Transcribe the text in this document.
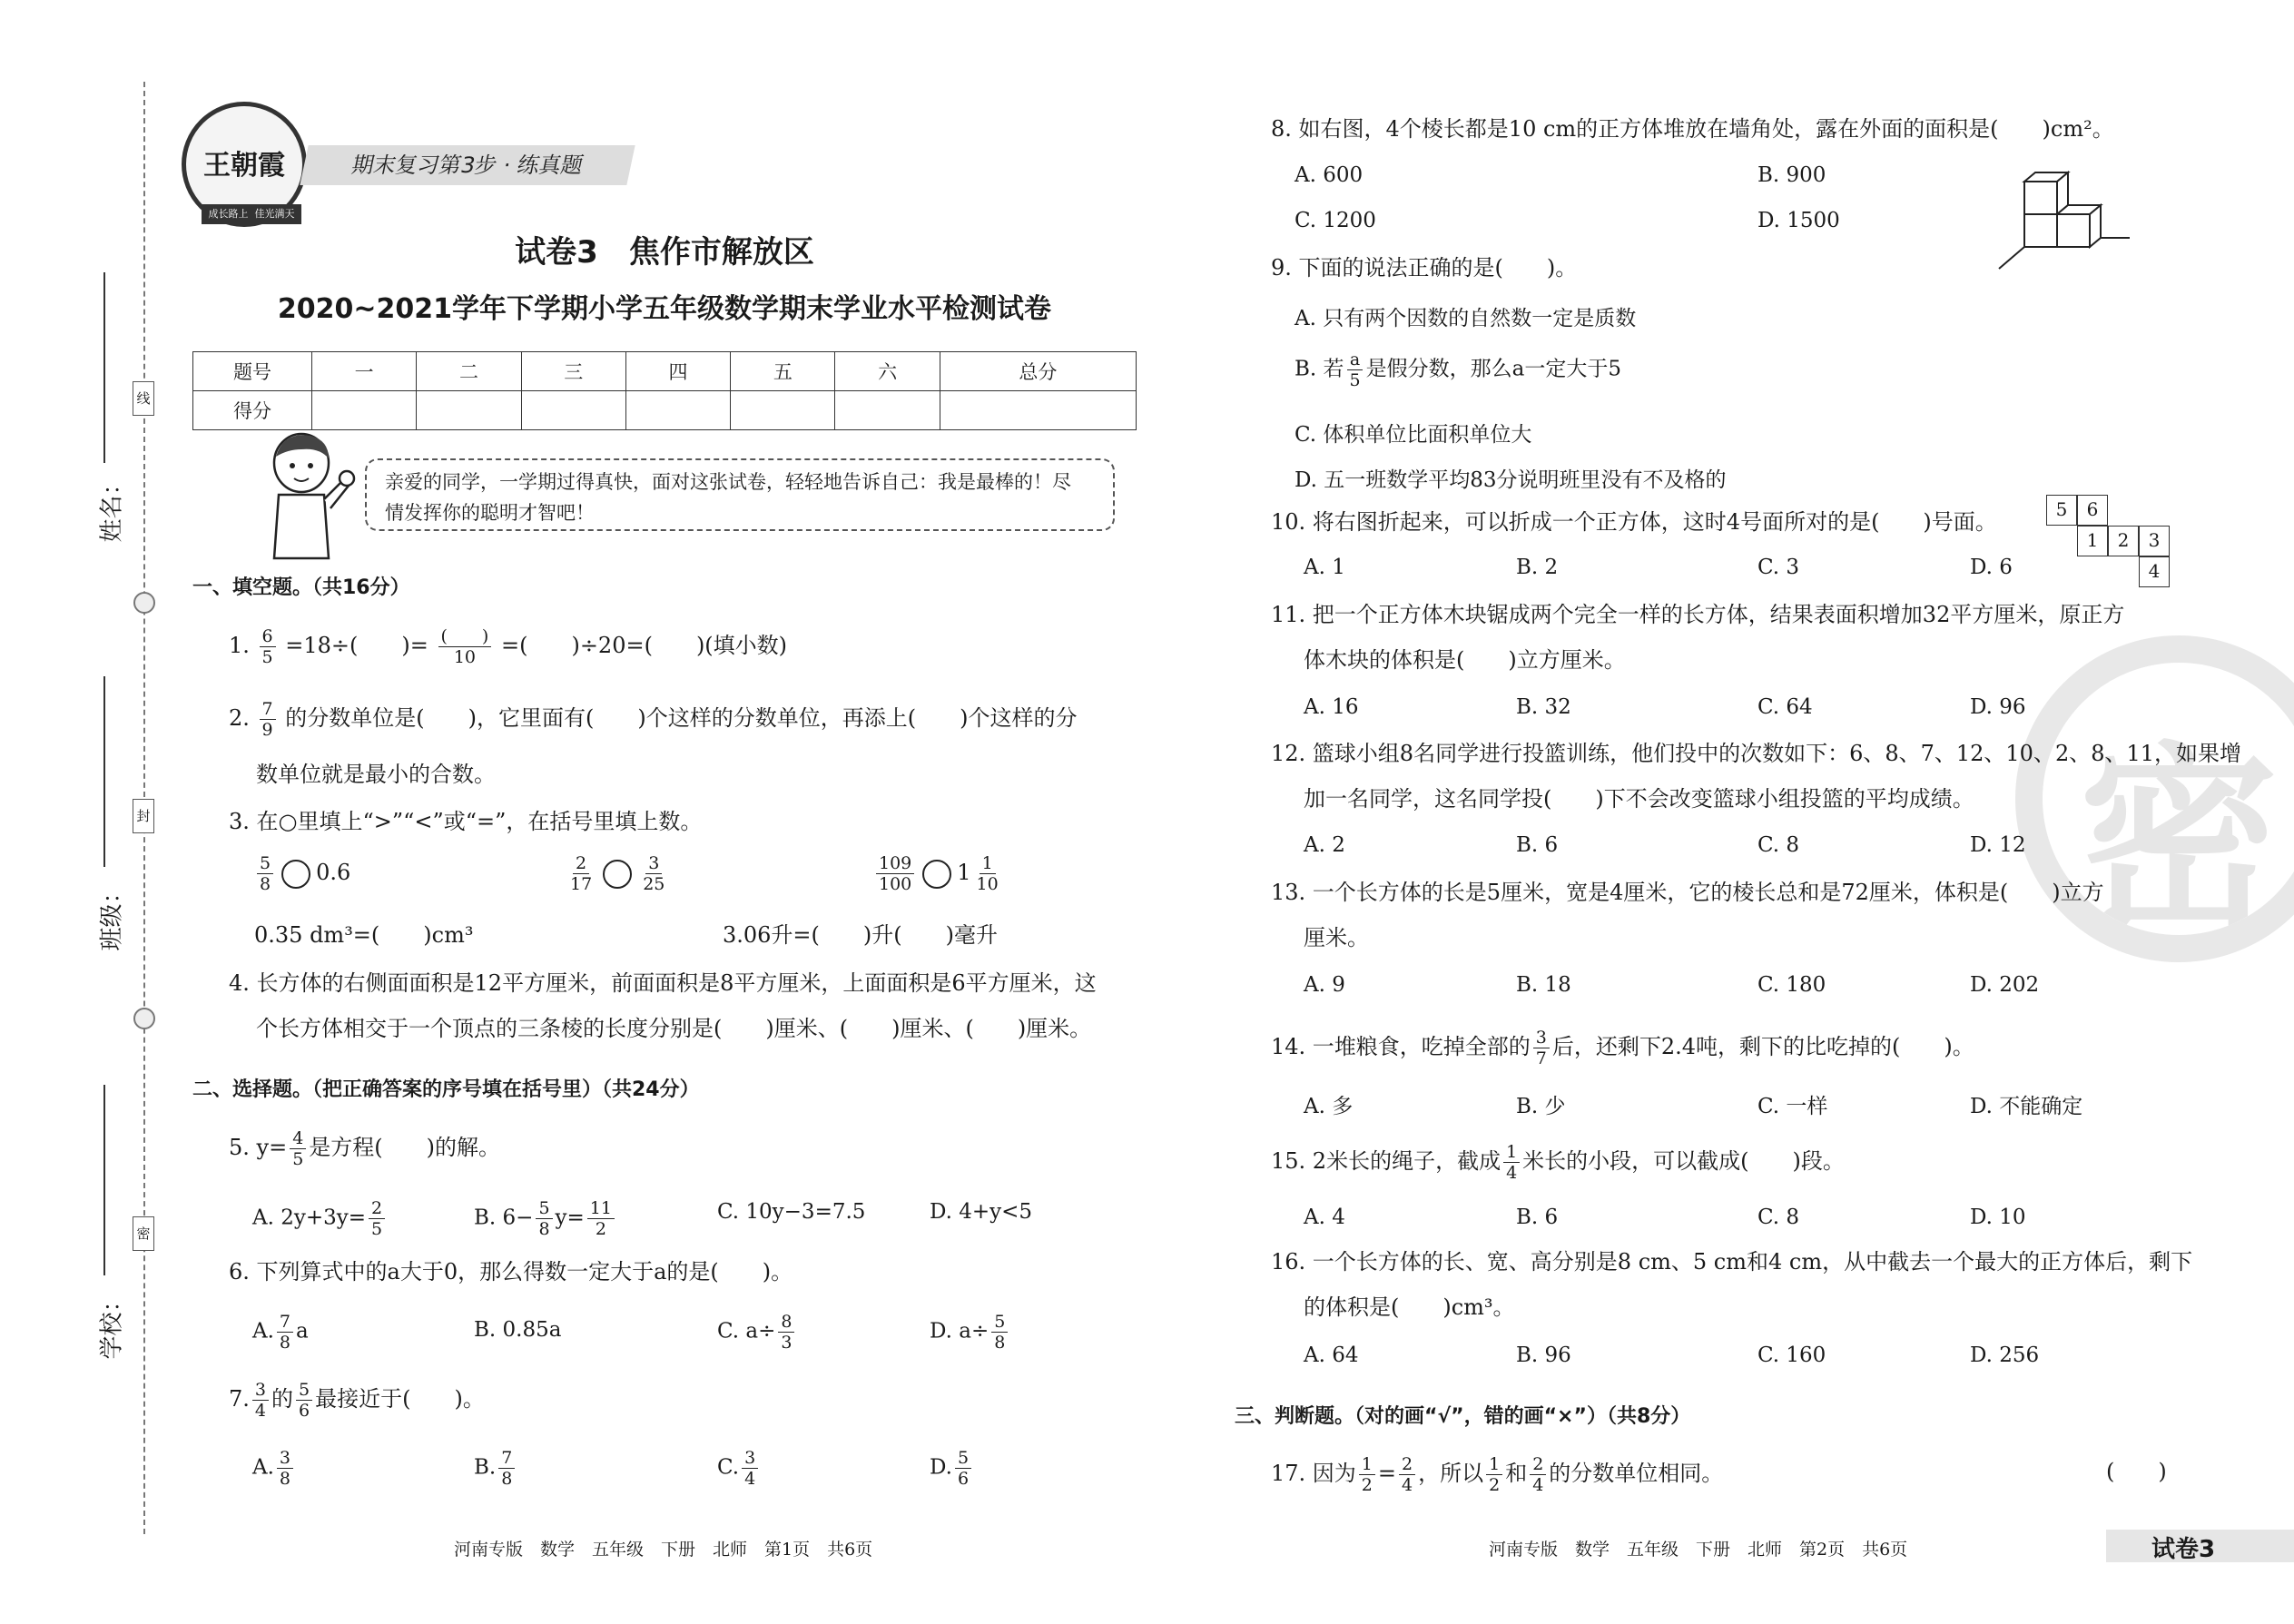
姓名：
班级：
学校：
线
封
密
王朝霞
成长路上 佳光满天
期末复习第3步 · 练真题
试卷3　焦作市解放区
2020~2021学年下学期小学五年级数学期末学业水平检测试卷
题号	一	二	三	四	五	六	总分
得分							
亲爱的同学，一学期过得真快，面对这张试卷，轻轻地告诉自己：我是最棒的！尽
情发挥你的聪明才智吧！
一、填空题。（共16分）
1. $\frac{6}{5} =18\div$(　　)= $\frac{( )}{10}$ =(　　)÷20=(　　)(填小数)
2. $\frac{7}{9}$ 的分数单位是(　　)，它里面有(　　)个这样的分数单位，再添上(　　)个这样的分
数单位就是最小的合数。
3. 在○里填上“>”“<”或“=”，在括号里填上数。
$\frac{5}{8} 0.6$	$\frac{2}{17}$	$\frac{3}{25}$	$\frac{109}{100} 1 \frac{1}{10}$
0.35 dm³=(　　)cm³	3.06升=(　　)升(　　)毫升
4. 长方体的右侧面面积是12平方厘米，前面面积是8平方厘米，上面面积是6平方厘米，这
个长方体相交于一个顶点的三条棱的长度分别是(　　)厘米、(　　)厘米、(　　)厘米。
二、选择题。（把正确答案的序号填在括号里）（共24分）
5. $y= \frac{4}{5}$ 是方程(　　)的解。
A. $2y+3y= \frac{2}{5}$	B. $6- \frac{5}{8} y= \frac{11}{2}$	C. 10y−3=7.5	D. 4+y<5
6. 下列算式中的a大于0，那么得数一定大于a的是(　　)。
A. $\frac{7}{8}$ a	B. 0.85a	C. $a\div \frac{8}{3}$	D. $a\div \frac{5}{8}$
7. $\frac{3}{4}$ 的 $\frac{5}{6}$ 最接近于(　　)。
A. $\frac{3}{8}$	B. $\frac{7}{8}$	C. $\frac{3}{4}$	D. $\frac{5}{6}$
河南专版　数学　五年级　下册　北师　第1页　共6页
密
8. 如右图，4个棱长都是10 cm的正方体堆放在墙角处，露在外面的面积是(　　)cm²。
A. 600	B. 900
C. 1200	D. 1500
9. 下面的说法正确的是(　　)。
A. 只有两个因数的自然数一定是质数
B. 若 $\frac{a}{5}$ 是假分数，那么a一定大于5
C. 体积单位比面积单位大
D. 五一班数学平均83分说明班里没有不及格的
10. 将右图折起来，可以折成一个正方体，这时4号面所对的是(　　)号面。	5	6
1	2	3
4
A. 1	B. 2	C. 3	D. 6
11. 把一个正方体木块锯成两个完全一样的长方体，结果表面积增加32平方厘米，原正方
体木块的体积是(　　)立方厘米。
A. 16	B. 32	C. 64	D. 96
12. 篮球小组8名同学进行投篮训练，他们投中的次数如下：6、8、7、12、10、2、8、11，如果增
加一名同学，这名同学投(　　)下不会改变篮球小组投篮的平均成绩。
A. 2	B. 6	C. 8	D. 12
13. 一个长方体的长是5厘米，宽是4厘米，它的棱长总和是72厘米，体积是(　　)立方
厘米。
A. 9	B. 18	C. 180	D. 202
14. 一堆粮食，吃掉全部的 $\frac{3}{7}$ 后，还剩下2.4吨，剩下的比吃掉的(　　)。
A. 多	B. 少	C. 一样	D. 不能确定
15. 2米长的绳子，截成 $\frac{1}{4}$ 米长的小段，可以截成(　　)段。
A. 4	B. 6	C. 8	D. 10
16. 一个长方体的长、宽、高分别是8 cm、5 cm和4 cm，从中截去一个最大的正方体后，剩下
的体积是(　　)cm³。
A. 64	B. 96	C. 160	D. 256
三、判断题。（对的画“√”，错的画“×”）（共8分）
17. 因为 $\frac{1}{2} = \frac{2}{4}$ ，所以 $\frac{1}{2}$ 和 $\frac{2}{4}$ 的分数单位相同。	(　　)
河南专版　数学　五年级　下册　北师　第2页　共6页	试卷3
